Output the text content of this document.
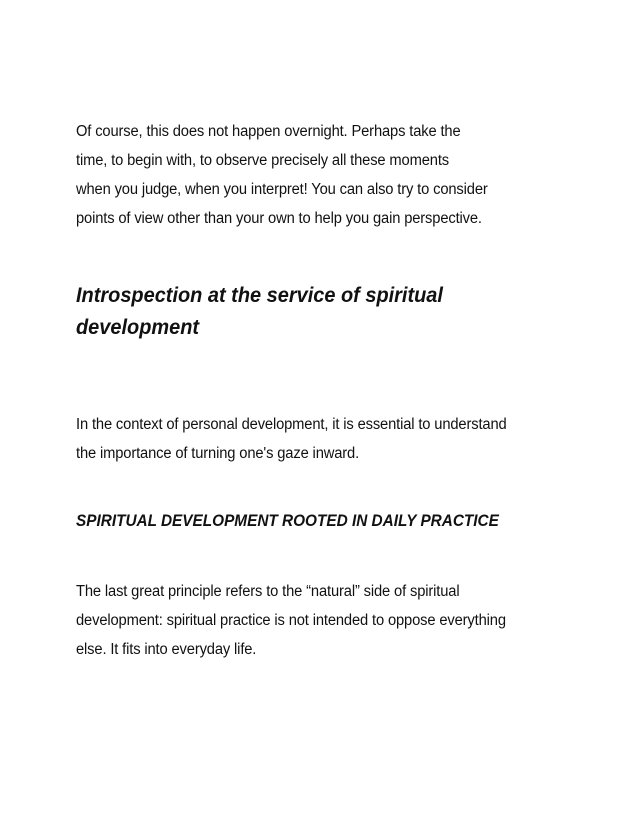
Of course, this does not happen overnight. Perhaps take the
time, to begin with, to observe precisely all these moments
when you judge, when you interpret! You can also try to consider
points of view other than your own to help you gain perspective.

Introspection at the service of spiritual
development

In the context of personal development, it is essential to understand
the importance of turning one's gaze inward.

SPIRITUAL DEVELOPMENT ROOTED IN DAILY PRACTICE

The last great principle refers to the “natural” side of spiritual
development: spiritual practice is not intended to oppose everything
else. It fits into everyday life.
